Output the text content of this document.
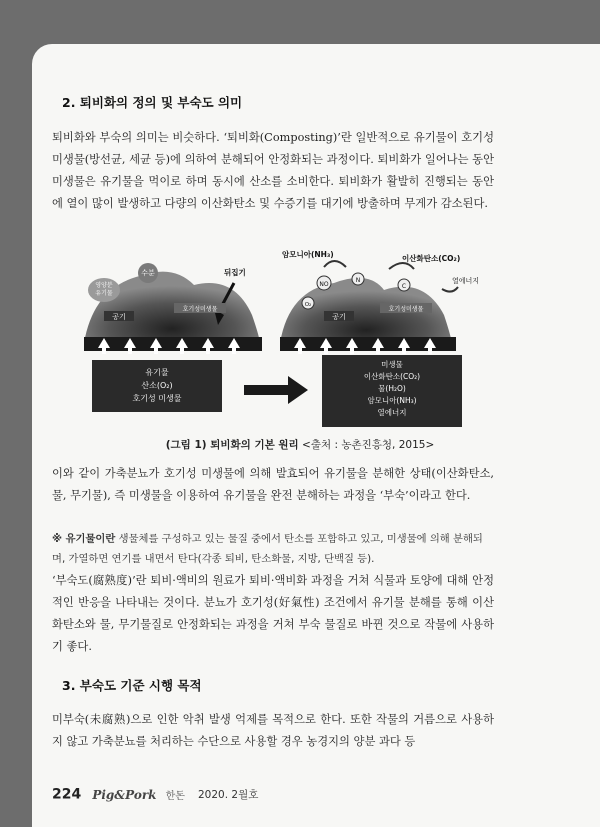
2. 퇴비화의 정의 및 부숙도 의미

퇴비화와 부숙의 의미는 비슷하다. ‘퇴비화(Composting)’란 일반적으로 유기물이 호기성 미생물(방선균, 세균 등)에 의하여 분해되어 안정화되는 과정이다. 퇴비화가 일어나는 동안 미생물은 유기물을 먹이로 하며 동시에 산소를 소비한다. 퇴비화가 활발히 진행되는 동안에 열이 많이 발생하고 다량의 이산화탄소 및 수증기를 대기에 방출하며 무게가 감소된다.

영양분
유기물
수분	뒤집기
공기
호기성미생물
암모니아(NH₃)	이산화탄소(CO₂)
열에너지
NO
N
O₂
C
공기
호기성미생물
유기물
산소(O₂)
호기성 미생물
미생물
이산화탄소(CO₂)
물(H₂O)
암모니아(NH₃)
열에너지
(그림 1) 퇴비화의 기본 원리 <출처 : 농촌진흥청, 2015>

이와 같이 가축분뇨가 호기성 미생물에 의해 발효되어 유기물을 분해한 상태(이산화탄소, 물, 무기물), 즉 미생물을 이용하여 유기물을 완전 분해하는 과정을 ‘부숙’이라고 한다.

※ 유기물이란 생물체를 구성하고 있는 물질 중에서 탄소를 포함하고 있고, 미생물에 의해 분해되며, 가열하면 연기를 내면서 탄다(각종 퇴비, 탄소화물, 지방, 단백질 등).

‘부숙도(腐熟度)’란 퇴비·액비의 원료가 퇴비·액비화 과정을 거쳐 식물과 토양에 대해 안정적인 반응을 나타내는 것이다. 분뇨가 호기성(好氣性) 조건에서 유기물 분해를 통해 이산화탄소와 물, 무기물질로 안정화되는 과정을 거쳐 부숙 물질로 바뀐 것으로 작물에 사용하기 좋다.

3. 부숙도 기준 시행 목적

미부숙(未腐熟)으로 인한 악취 발생 억제를 목적으로 한다. 또한 작물의 거름으로 사용하지 않고 가축분뇨를 처리하는 수단으로 사용할 경우 농경지의 양분 과다 등

224 Pig&Pork 한돈 2020. 2월호
